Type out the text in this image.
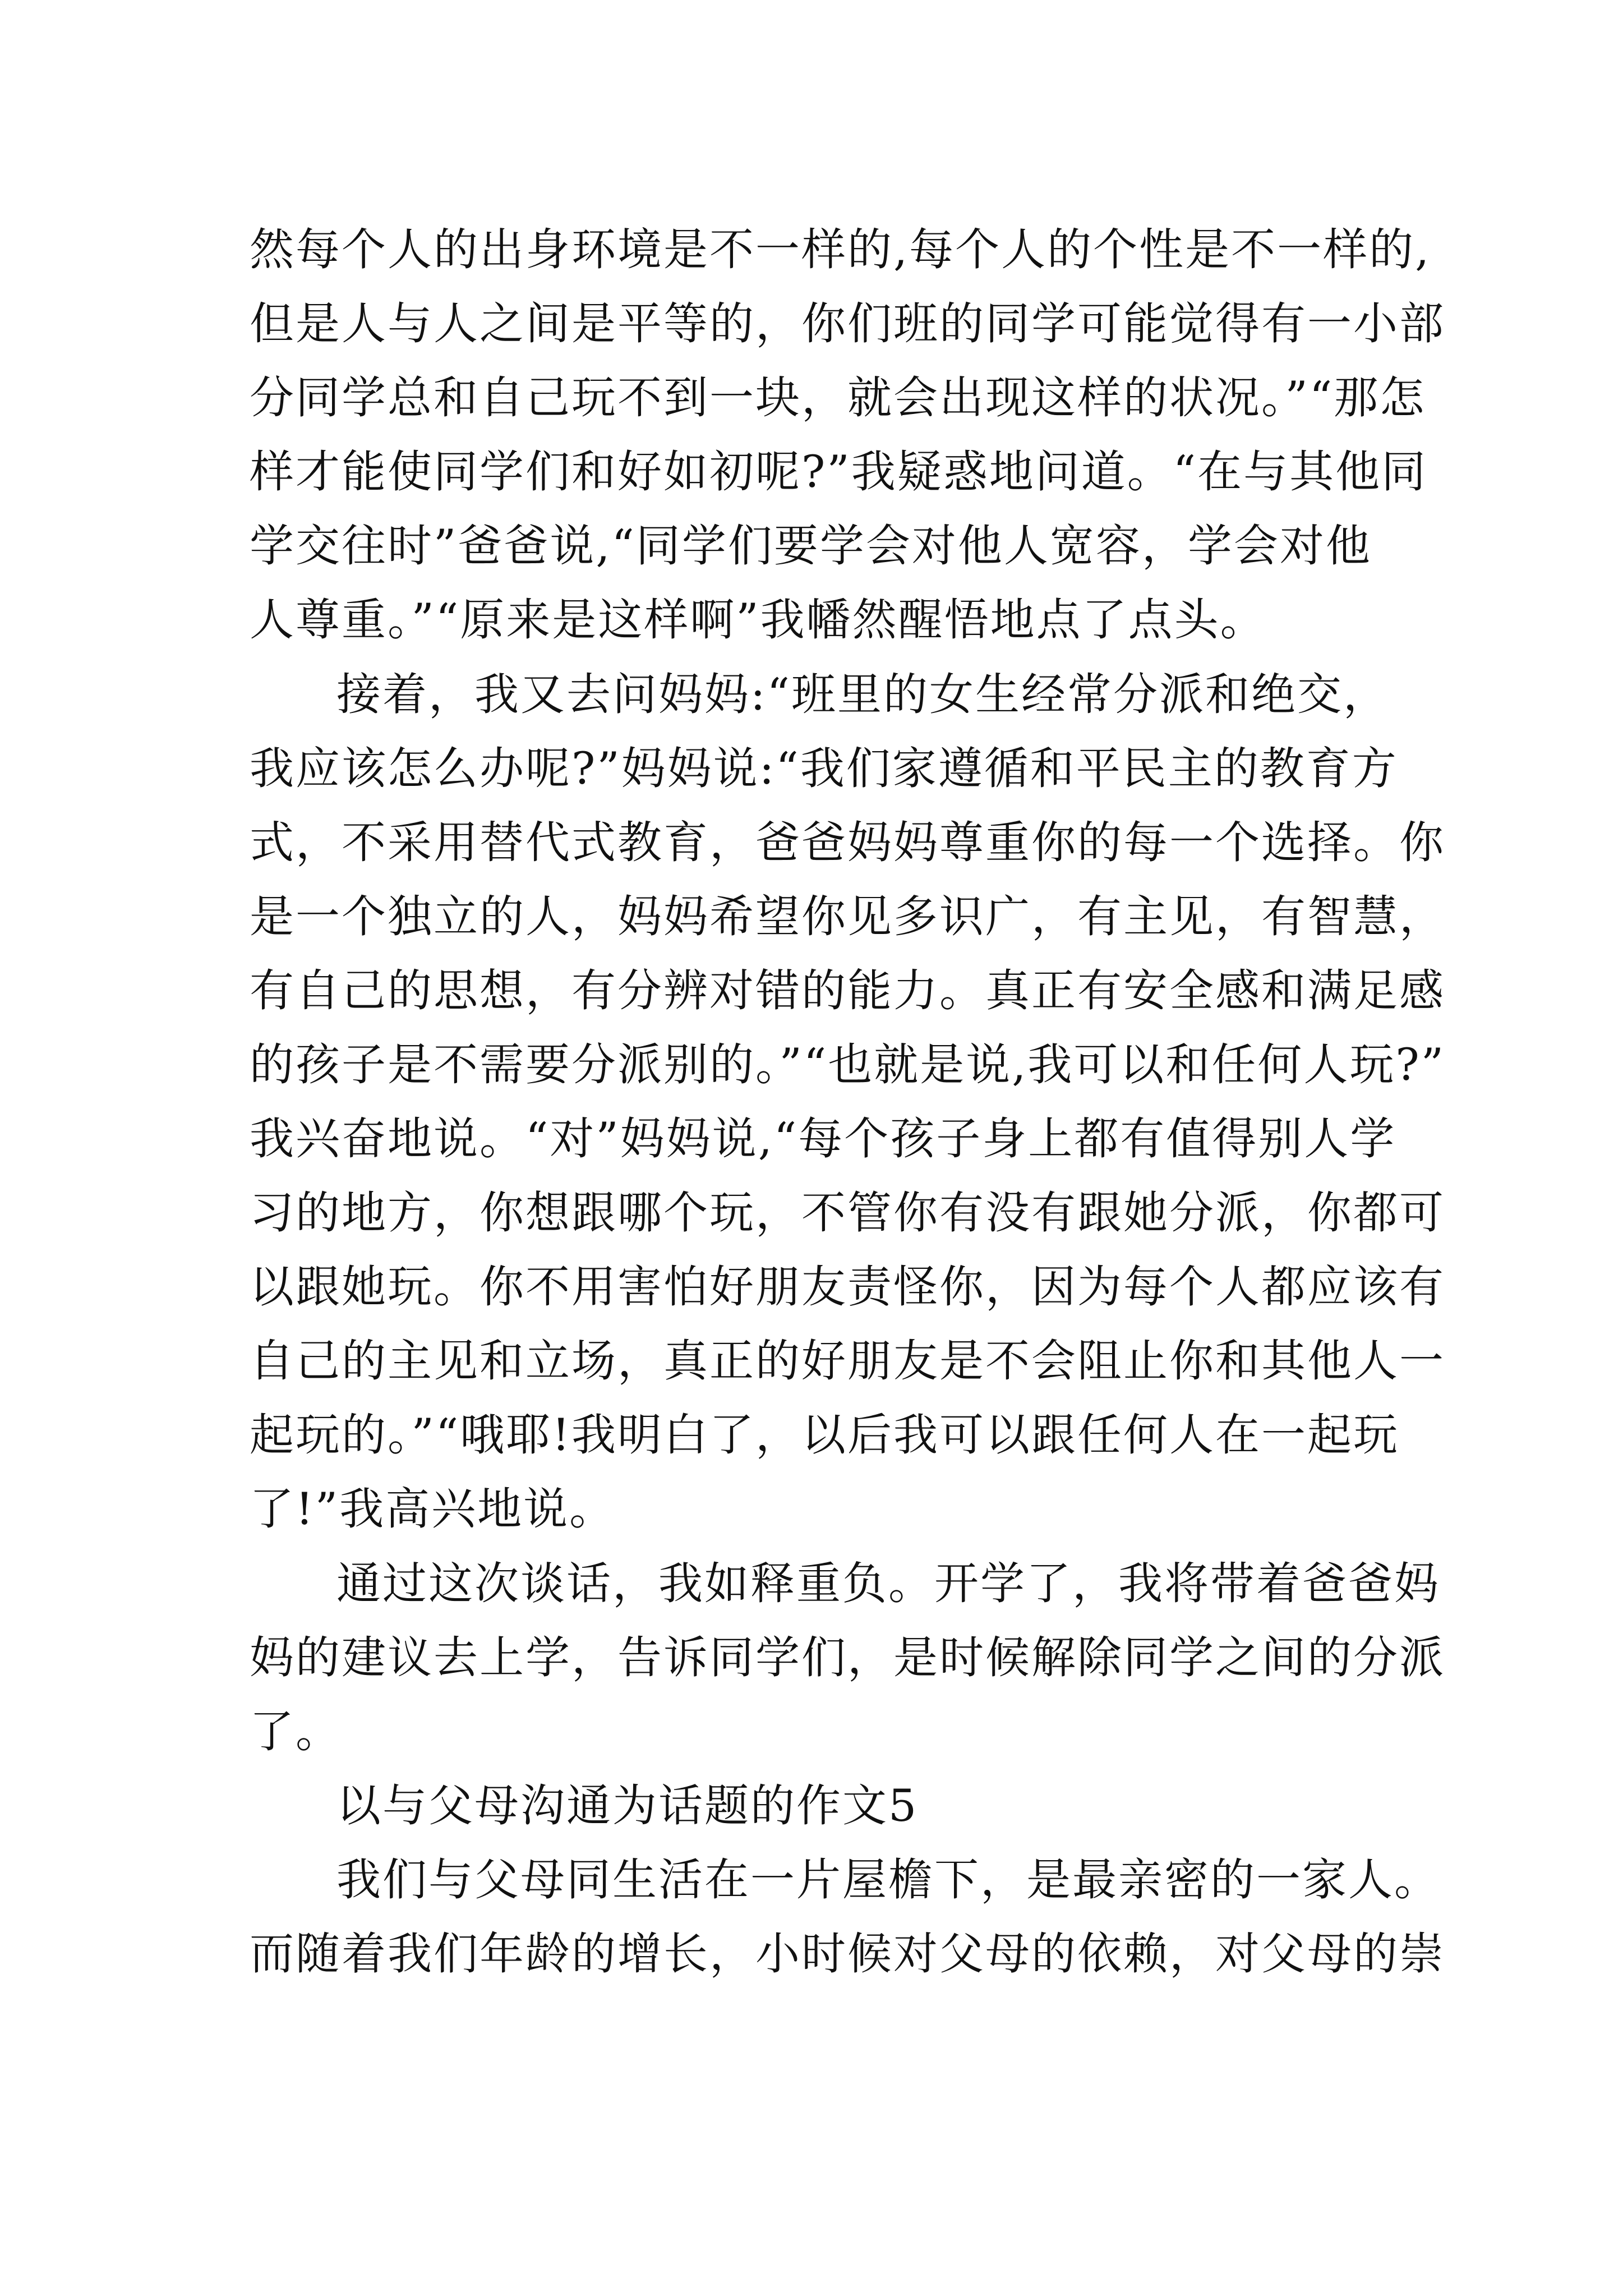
然每个人的出身环境是不一样的,每个人的个性是不一样的,

但是人与人之间是平等的，你们班的同学可能觉得有一小部

分同学总和自己玩不到一块，就会出现这样的状况。”“那怎

样才能使同学们和好如初呢?”我疑惑地问道。“在与其他同

学交往时”爸爸说,“同学们要学会对他人宽容，学会对他

人尊重。”“原来是这样啊”我幡然醒悟地点了点头。

接着，我又去问妈妈:“班里的女生经常分派和绝交，

我应该怎么办呢?”妈妈说:“我们家遵循和平民主的教育方

式，不采用替代式教育，爸爸妈妈尊重你的每一个选择。你

是一个独立的人，妈妈希望你见多识广，有主见，有智慧，

有自己的思想，有分辨对错的能力。真正有安全感和满足感

的孩子是不需要分派别的。”“也就是说,我可以和任何人玩?”

我兴奋地说。“对”妈妈说,“每个孩子身上都有值得别人学

习的地方，你想跟哪个玩，不管你有没有跟她分派，你都可

以跟她玩。你不用害怕好朋友责怪你，因为每个人都应该有

自己的主见和立场，真正的好朋友是不会阻止你和其他人一

起玩的。”“哦耶!我明白了，以后我可以跟任何人在一起玩

了!”我高兴地说。

通过这次谈话，我如释重负。开学了，我将带着爸爸妈

妈的建议去上学，告诉同学们，是时候解除同学之间的分派

了。

以与父母沟通为话题的作文5

我们与父母同生活在一片屋檐下，是最亲密的一家人。

而随着我们年龄的增长，小时候对父母的依赖，对父母的崇
